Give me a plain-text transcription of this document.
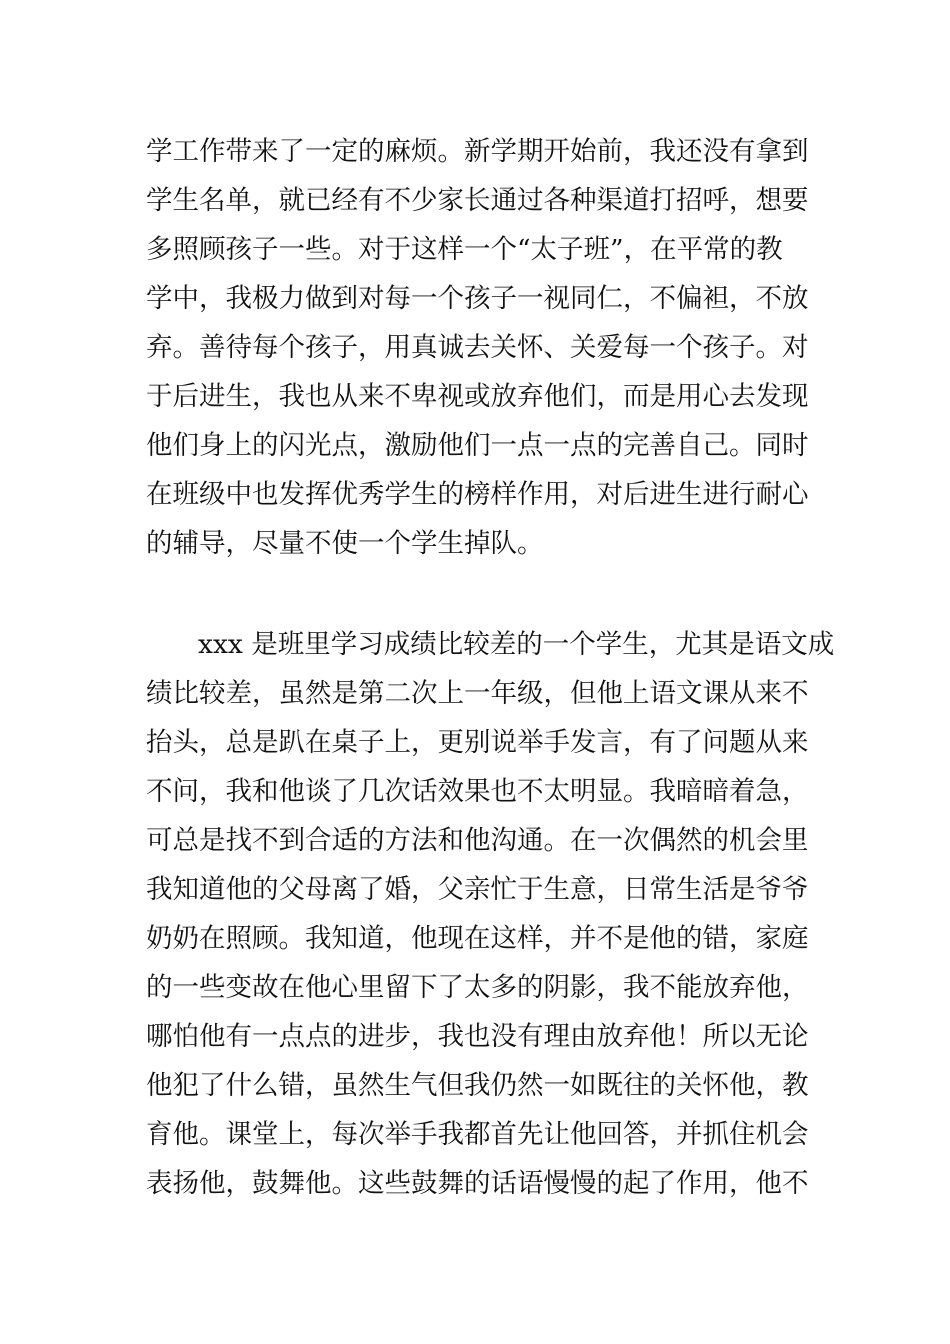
学工作带来了一定的麻烦。新学期开始前，我还没有拿到
学生名单，就已经有不少家长通过各种渠道打招呼，想要
多照顾孩子一些。对于这样一个“太子班”，在平常的教
学中，我极力做到对每一个孩子一视同仁，不偏袒，不放
弃。善待每个孩子，用真诚去关怀、关爱每一个孩子。对
于后进生，我也从来不卑视或放弃他们，而是用心去发现
他们身上的闪光点，激励他们一点一点的完善自己。同时
在班级中也发挥优秀学生的榜样作用，对后进生进行耐心
的辅导，尽量不使一个学生掉队。
xxx 是班里学习成绩比较差的一个学生，尤其是语文成
绩比较差，虽然是第二次上一年级，但他上语文课从来不
抬头，总是趴在桌子上，更别说举手发言，有了问题从来
不问，我和他谈了几次话效果也不太明显。我暗暗着急，
可总是找不到合适的方法和他沟通。在一次偶然的机会里
我知道他的父母离了婚，父亲忙于生意，日常生活是爷爷
奶奶在照顾。我知道，他现在这样，并不是他的错，家庭
的一些变故在他心里留下了太多的阴影，我不能放弃他，
哪怕他有一点点的进步，我也没有理由放弃他！所以无论
他犯了什么错，虽然生气但我仍然一如既往的关怀他，教
育他。课堂上，每次举手我都首先让他回答，并抓住机会
表扬他，鼓舞他。这些鼓舞的话语慢慢的起了作用，他不
